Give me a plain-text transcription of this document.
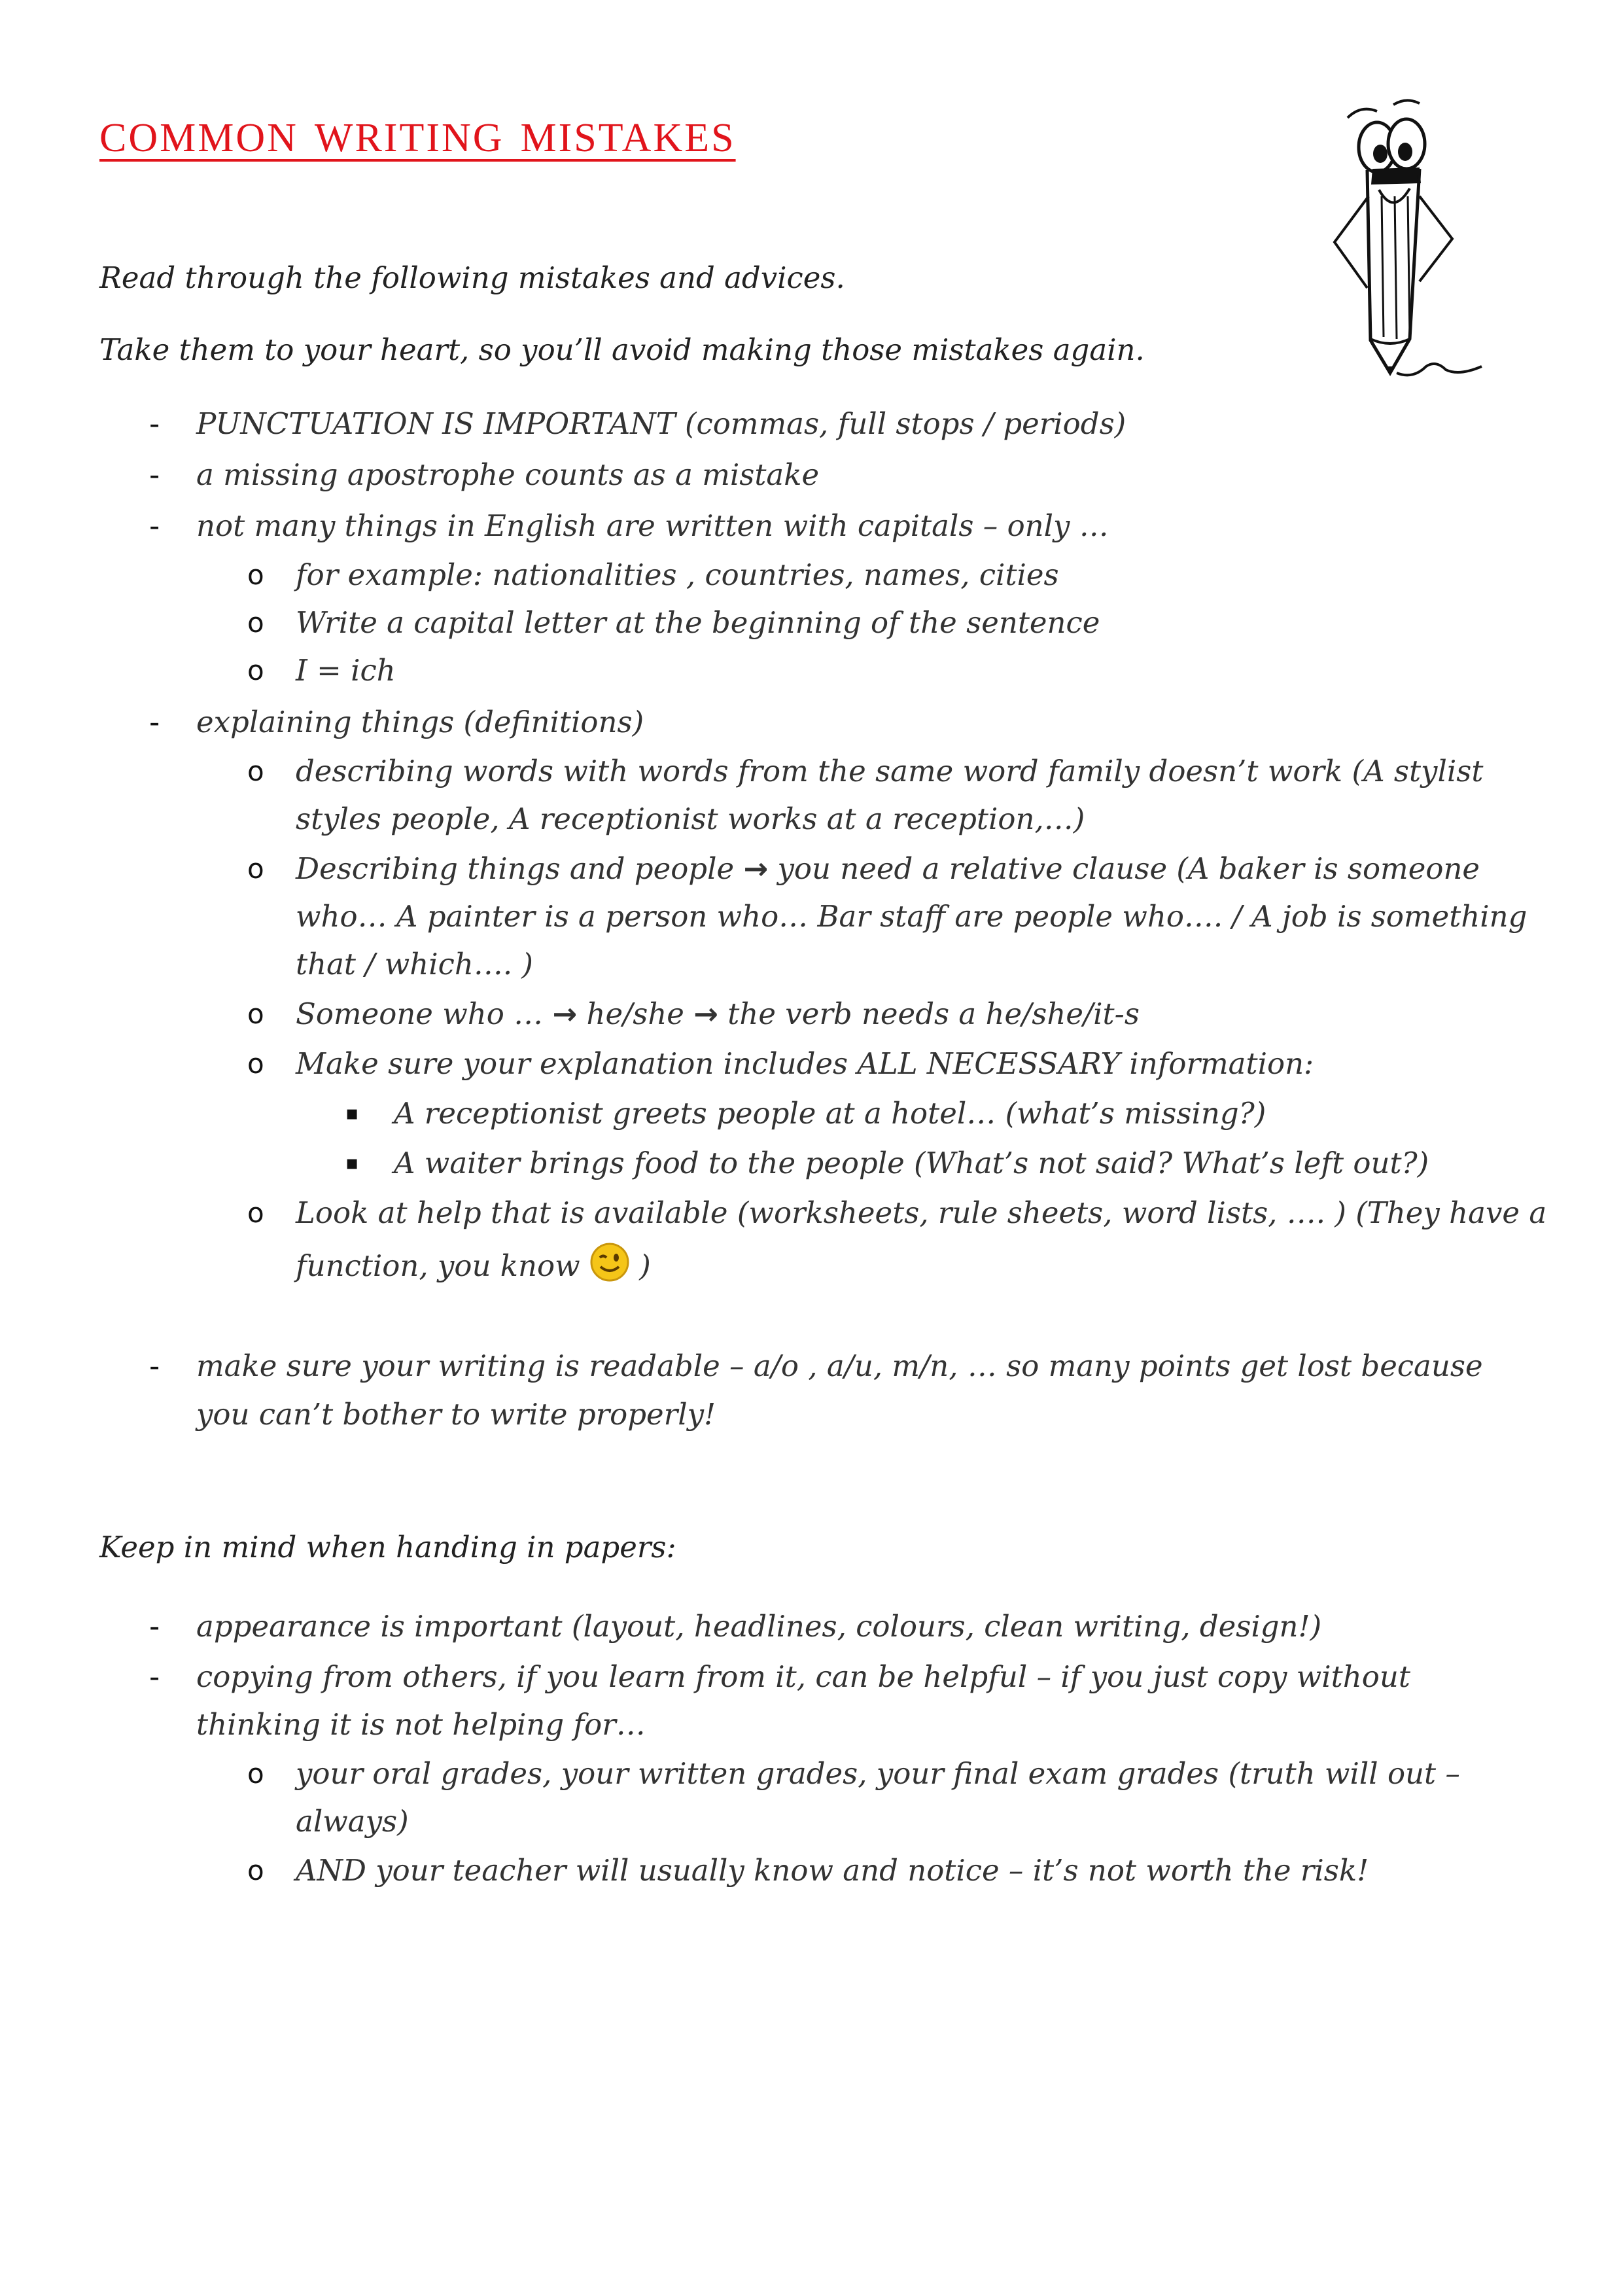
common writing mistakes

Read through the following mistakes and advices.

Take them to your heart, so you’ll avoid making those mistakes again.

- PUNCTUATION IS IMPORTANT (commas, full stops / periods)

- a missing apostrophe counts as a mistake

- not many things in English are written with capitals – only …

o for example: nationalities , countries, names, cities

o Write a capital letter at the beginning of the sentence

o I = ich

- explaining things (definitions)

o describing words with words from the same word family doesn’t work (A stylist

styles people, A receptionist works at a reception,…)

o Describing things and people → you need a relative clause (A baker is someone

who… A painter is a person who… Bar staff are people who…. / A job is something

that / which…. )

o Someone who … → he/she → the verb needs a he/she/it-s

o Make sure your explanation includes ALL NECESSARY information:

▪ A receptionist greets people at a hotel… (what’s missing?)

▪ A waiter brings food to the people (What’s not said? What’s left out?)

o Look at help that is available (worksheets, rule sheets, word lists, …. ) (They have a

function, you know  )

- make sure your writing is readable – a/o , a/u, m/n, … so many points get lost because

you can’t bother to write properly!

Keep in mind when handing in papers:

- appearance is important (layout, headlines, colours, clean writing, design!)

- copying from others, if you learn from it, can be helpful – if you just copy without

thinking it is not helping for…

o your oral grades, your written grades, your final exam grades (truth will out –

always)

o AND your teacher will usually know and notice – it’s not worth the risk!
